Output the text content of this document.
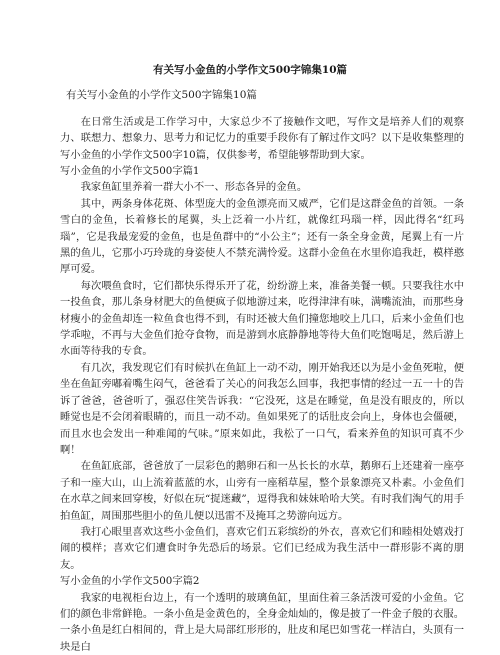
有关写小金鱼的小学作文500字锦集10篇
有关写小金鱼的小学作文500字锦集10篇

在日常生活或是工作学习中，大家总少不了接触作文吧，写作文是培养人们的观察力、联想力、想象力、思考力和记忆力的重要手段你有了解过作文吗？以下是收集整理的写小金鱼的小学作文500字10篇，仅供参考，希望能够帮助到大家。

写小金鱼的小学作文500字篇1

我家鱼缸里养着一群大小不一、形态各异的金鱼。

其中，两条身体花斑、体型庞大的金鱼漂亮而又威严，它们是这群金鱼的首领。一条雪白的金鱼，长着修长的尾翼，头上泛着一小片红，就像红玛瑙一样，因此得名“红玛瑙”，它是我最宠爱的金鱼，也是鱼群中的“小公主”；还有一条全身金黄，尾翼上有一片黑的鱼儿，它那小巧玲珑的身姿使人不禁充满怜爱。这群小金鱼在水里你追我赶，模样憨厚可爱。

每次喂鱼食时，它们都快乐得乐开了花，纷纷游上来，准备美餐一顿。只要我往水中一投鱼食，那儿条身材肥大的鱼便疯子似地游过来，吃得津津有味，满嘴流油，而那些身材瘦小的金鱼却连一粒鱼食也得不到，有时还被大鱼们撞您地咬上几口，后来小金鱼们也学乖啦，不再与大金鱼们抢夺食物，而是游到水底静静地等待大鱼们吃饱喝足，然后游上水面等待我的专食。

有几次，我发现它们有时候扒在鱼缸上一动不动，刚开始我还以为是小金鱼死啦，便坐在鱼缸旁嘟着嘴生闷气，爸爸看了关心的问我怎么回事，我把事情的经过一五一十的告诉了爸爸，爸爸听了，强忍住笑告诉我：“它没死，这是在睡觉，鱼是没有眼皮的，所以睡觉也是不会闭着眼睛的，而且一动不动。鱼如果死了的话肚皮会向上，身体也会僵硬，而且水也会发出一种难闻的气味。”原来如此，我松了一口气，看来养鱼的知识可真不少啊！

在鱼缸底部，爸爸放了一层彩色的鹅卵石和一丛长长的水草，鹅卵石上还建着一座亭子和一座大山，山上流着蓝蓝的水，山旁有一座稻草屋，整个景象漂亮又朴素。小金鱼们在水草之间来回穿梭，好似在玩“捉迷藏”，逗得我和妹妹哈哈大笑。有时我们淘气的用手拍鱼缸，周围那些胆小的鱼儿便以迅雷不及掩耳之势游向远方。

我打心眼里喜欢这些小金鱼们，喜欢它们五彩缤纷的外衣，喜欢它们和睦相处嬉戏打闹的模样；喜欢它们遭食时争先恐后的场景。它们已经成为我生活中一群形影不离的朋友。

写小金鱼的小学作文500字篇2

我家的电视柜台边上，有一个透明的玻璃鱼缸，里面住着三条活泼可爱的小金鱼。它们的颜色非常鲜艳。一条小鱼是金黄色的，全身金灿灿的，像是披了一件金子般的衣服。一条小鱼是红白相间的，背上是大局部红形形的，肚皮和尾巴如雪花一样洁白，头顶有一块是白
